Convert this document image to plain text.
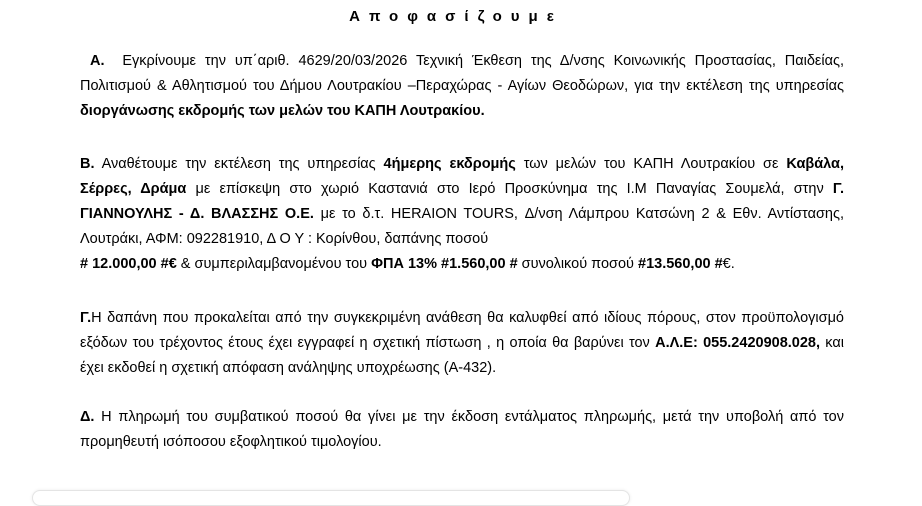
Αποφασίζουμε

Α. Εγκρίνουμε την υπ΄αριθ. 4629/20/03/2026 Τεχνική Έκθεση της Δ/νσης Κοινωνικής Προστασίας, Παιδείας, Πολιτισμού & Αθλητισμού του Δήμου Λουτρακίου –Περαχώρας - Αγίων Θεοδώρων, για την εκτέλεση της υπηρεσίας διοργάνωσης εκδρομής των μελών του ΚΑΠΗ Λουτρακίου.

Β. Αναθέτουμε την εκτέλεση της υπηρεσίας 4ήμερης εκδρομής των μελών του ΚΑΠΗ Λουτρακίου σε Καβάλα, Σέρρες, Δράμα με επίσκεψη στο χωριό Καστανιά στο Ιερό Προσκύνημα της Ι.Μ Παναγίας Σουμελά, στην Γ. ΓΙΑΝΝΟΥΛΗΣ - Δ. ΒΛΑΣΣΗΣ Ο.Ε. με το δ.τ. HERAION TOURS, Δ/νση Λάμπρου Κατσώνη 2 & Εθν. Αντίστασης, Λουτράκι, ΑΦΜ: 092281910, Δ Ο Υ : Κορίνθου, δαπάνης ποσού
# 12.000,00 #€ & συμπεριλαμβανομένου του ΦΠΑ 13% #1.560,00 # συνολικού ποσού #13.560,00 #€.

Γ.Η δαπάνη που προκαλείται από την συγκεκριμένη ανάθεση θα καλυφθεί από ιδίους πόρους, στον προϋπολογισμό εξόδων του τρέχοντος έτους έχει εγγραφεί η σχετική πίστωση , η οποία θα βαρύνει τον Α.Λ.Ε: 055.2420908.028, και έχει εκδοθεί η σχετική απόφαση ανάληψης υποχρέωσης (Α-432).

Δ. Η πληρωμή του συμβατικού ποσού θα γίνει με την έκδοση εντάλματος πληρωμής, μετά την υποβολή από τον προμηθευτή ισόποσου εξοφλητικού τιμολογίου.
